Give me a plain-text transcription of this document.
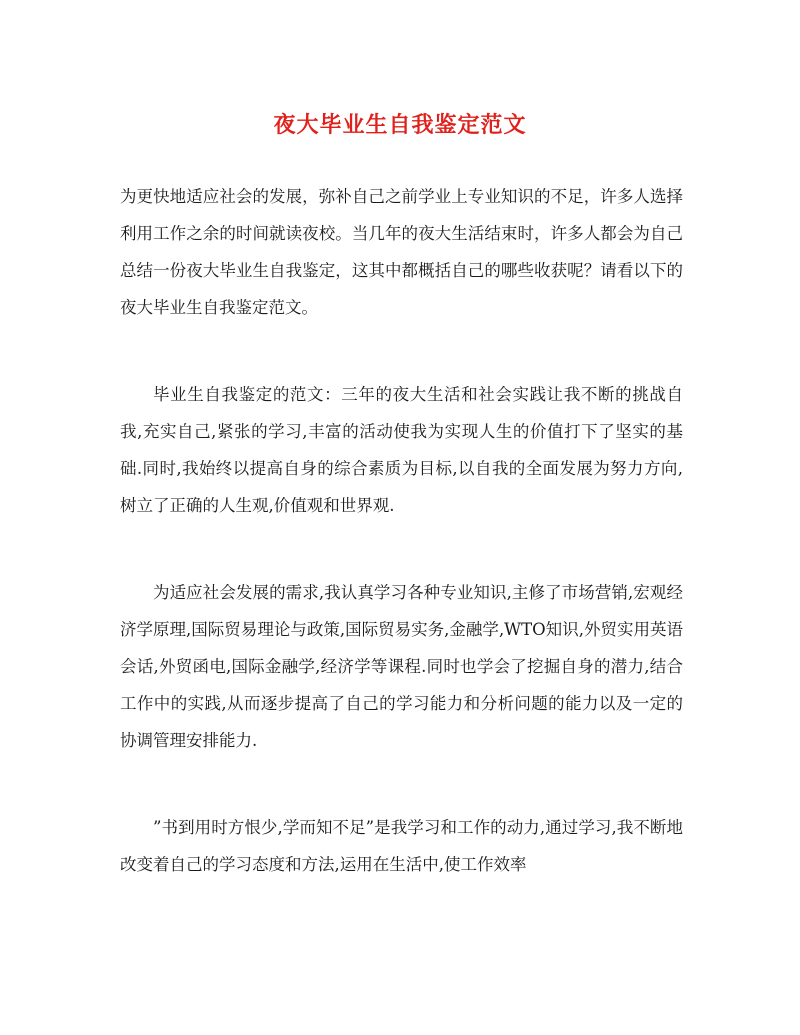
夜大毕业生自我鉴定范文

为更快地适应社会的发展，弥补自己之前学业上专业知识的不足，许多人选择利用工作之余的时间就读夜校。当几年的夜大生活结束时，许多人都会为自己总结一份夜大毕业生自我鉴定，这其中都概括自己的哪些收获呢？请看以下的夜大毕业生自我鉴定范文。

毕业生自我鉴定的范文：三年的夜大生活和社会实践让我不断的挑战自我,充实自己,紧张的学习,丰富的活动使我为实现人生的价值打下了坚实的基础.同时,我始终以提高自身的综合素质为目标,以自我的全面发展为努力方向,树立了正确的人生观,价值观和世界观.

为适应社会发展的需求,我认真学习各种专业知识,主修了市场营销,宏观经济学原理,国际贸易理论与政策,国际贸易实务,金融学,WTO知识,外贸实用英语会话,外贸函电,国际金融学,经济学等课程.同时也学会了挖掘自身的潜力,结合工作中的实践,从而逐步提高了自己的学习能力和分析问题的能力以及一定的协调管理安排能力.

”书到用时方恨少,学而知不足”是我学习和工作的动力,通过学习,我不断地改变着自己的学习态度和方法,运用在生活中,使工作效率
